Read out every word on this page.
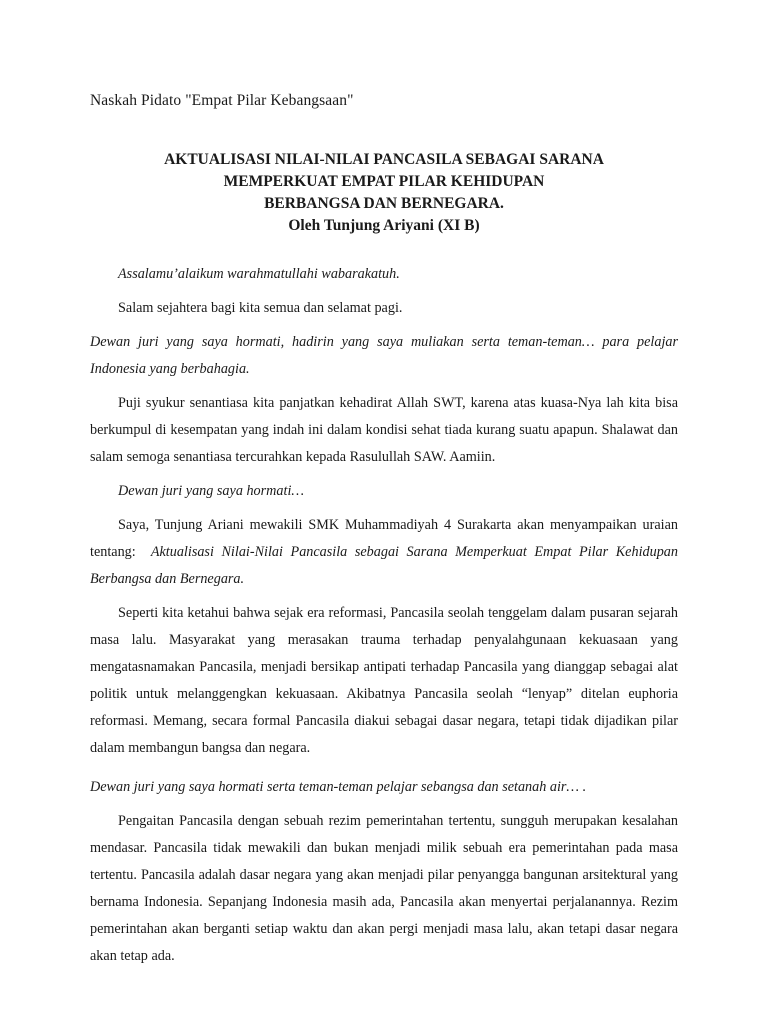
Naskah Pidato "Empat Pilar Kebangsaan"

AKTUALISASI NILAI-NILAI PANCASILA SEBAGAI SARANA
MEMPERKUAT EMPAT PILAR KEHIDUPAN
BERBANGSA DAN BERNEGARA.
Oleh Tunjung Ariyani (XI B)

Assalamu’alaikum warahmatullahi wabarakatuh.

Salam sejahtera bagi kita semua dan selamat pagi.

Dewan juri yang saya hormati, hadirin yang saya muliakan serta teman-teman… para pelajar Indonesia yang berbahagia.

Puji syukur senantiasa kita panjatkan kehadirat Allah SWT, karena atas kuasa-Nya lah kita bisa berkumpul di kesempatan yang indah ini dalam kondisi sehat tiada kurang suatu apapun. Shalawat dan salam semoga senantiasa tercurahkan kepada Rasulullah SAW. Aamiin.

Dewan juri yang saya hormati…

Saya, Tunjung Ariani mewakili SMK Muhammadiyah 4 Surakarta akan menyampaikan uraian tentang: Aktualisasi Nilai-Nilai Pancasila sebagai Sarana Memperkuat Empat Pilar Kehidupan Berbangsa dan Bernegara.

Seperti kita ketahui bahwa sejak era reformasi, Pancasila seolah tenggelam dalam pusaran sejarah masa lalu. Masyarakat yang merasakan trauma terhadap penyalahgunaan kekuasaan yang mengatasnamakan Pancasila, menjadi bersikap antipati terhadap Pancasila yang dianggap sebagai alat politik untuk melanggengkan kekuasaan. Akibatnya Pancasila seolah “lenyap” ditelan euphoria reformasi. Memang, secara formal Pancasila diakui sebagai dasar negara, tetapi tidak dijadikan pilar dalam membangun bangsa dan negara.

Dewan juri yang saya hormati serta teman-teman pelajar sebangsa dan setanah air… .

Pengaitan Pancasila dengan sebuah rezim pemerintahan tertentu, sungguh merupakan kesalahan mendasar. Pancasila tidak mewakili dan bukan menjadi milik sebuah era pemerintahan pada masa tertentu. Pancasila adalah dasar negara yang akan menjadi pilar penyangga bangunan arsitektural yang bernama Indonesia. Sepanjang Indonesia masih ada, Pancasila akan menyertai perjalanannya. Rezim pemerintahan akan berganti setiap waktu dan akan pergi menjadi masa lalu, akan tetapi dasar negara akan tetap ada.
